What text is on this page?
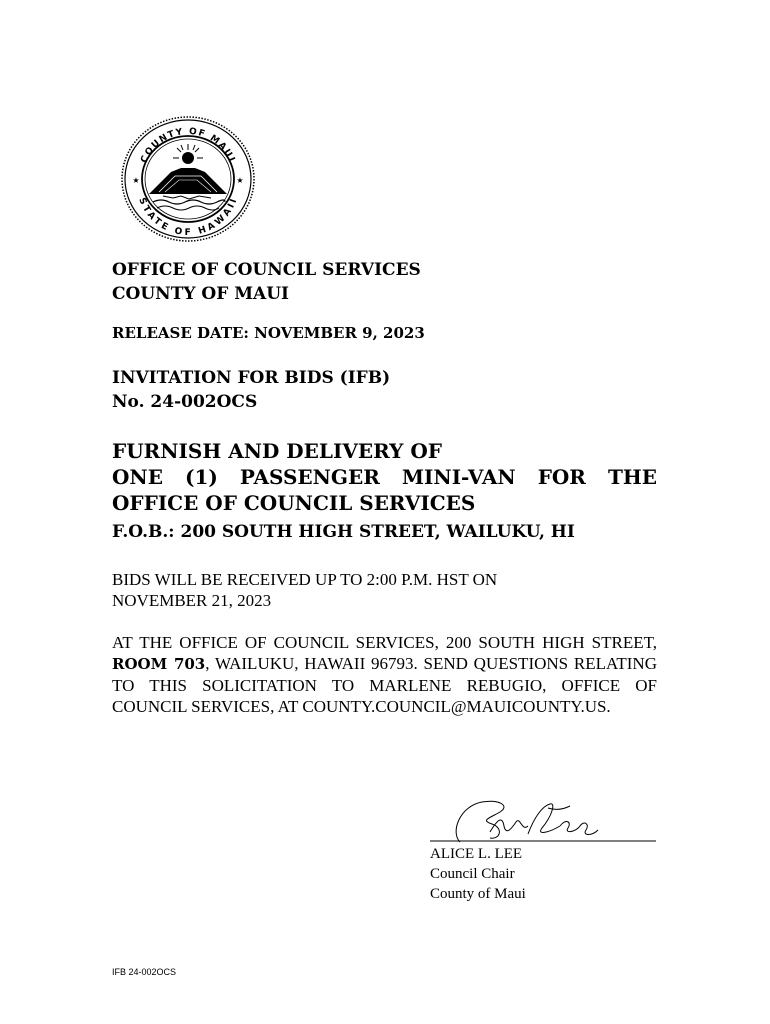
COUNTY OF MAUI
STATE OF HAWAII
★	★
OFFICE OF COUNCIL SERVICES
COUNTY OF MAUI
RELEASE DATE: NOVEMBER 9, 2023
INVITATION FOR BIDS (IFB)
No. 24-002OCS
FURNISH AND DELIVERY OF
ONE (1) PASSENGER MINI-VAN FOR THE
OFFICE OF COUNCIL SERVICES
F.O.B.: 200 SOUTH HIGH STREET, WAILUKU, HI
BIDS WILL BE RECEIVED UP TO 2:00 P.M. HST ON
NOVEMBER 21, 2023

AT THE OFFICE OF COUNCIL SERVICES, 200 SOUTH HIGH STREET, ROOM 703, WAILUKU, HAWAII 96793. SEND QUESTIONS RELATING TO THIS SOLICITATION TO MARLENE REBUGIO, OFFICE OF COUNCIL SERVICES, AT COUNTY.COUNCIL@MAUICOUNTY.US.

ALICE L. LEE
Council Chair
County of Maui
IFB 24-002OCS
